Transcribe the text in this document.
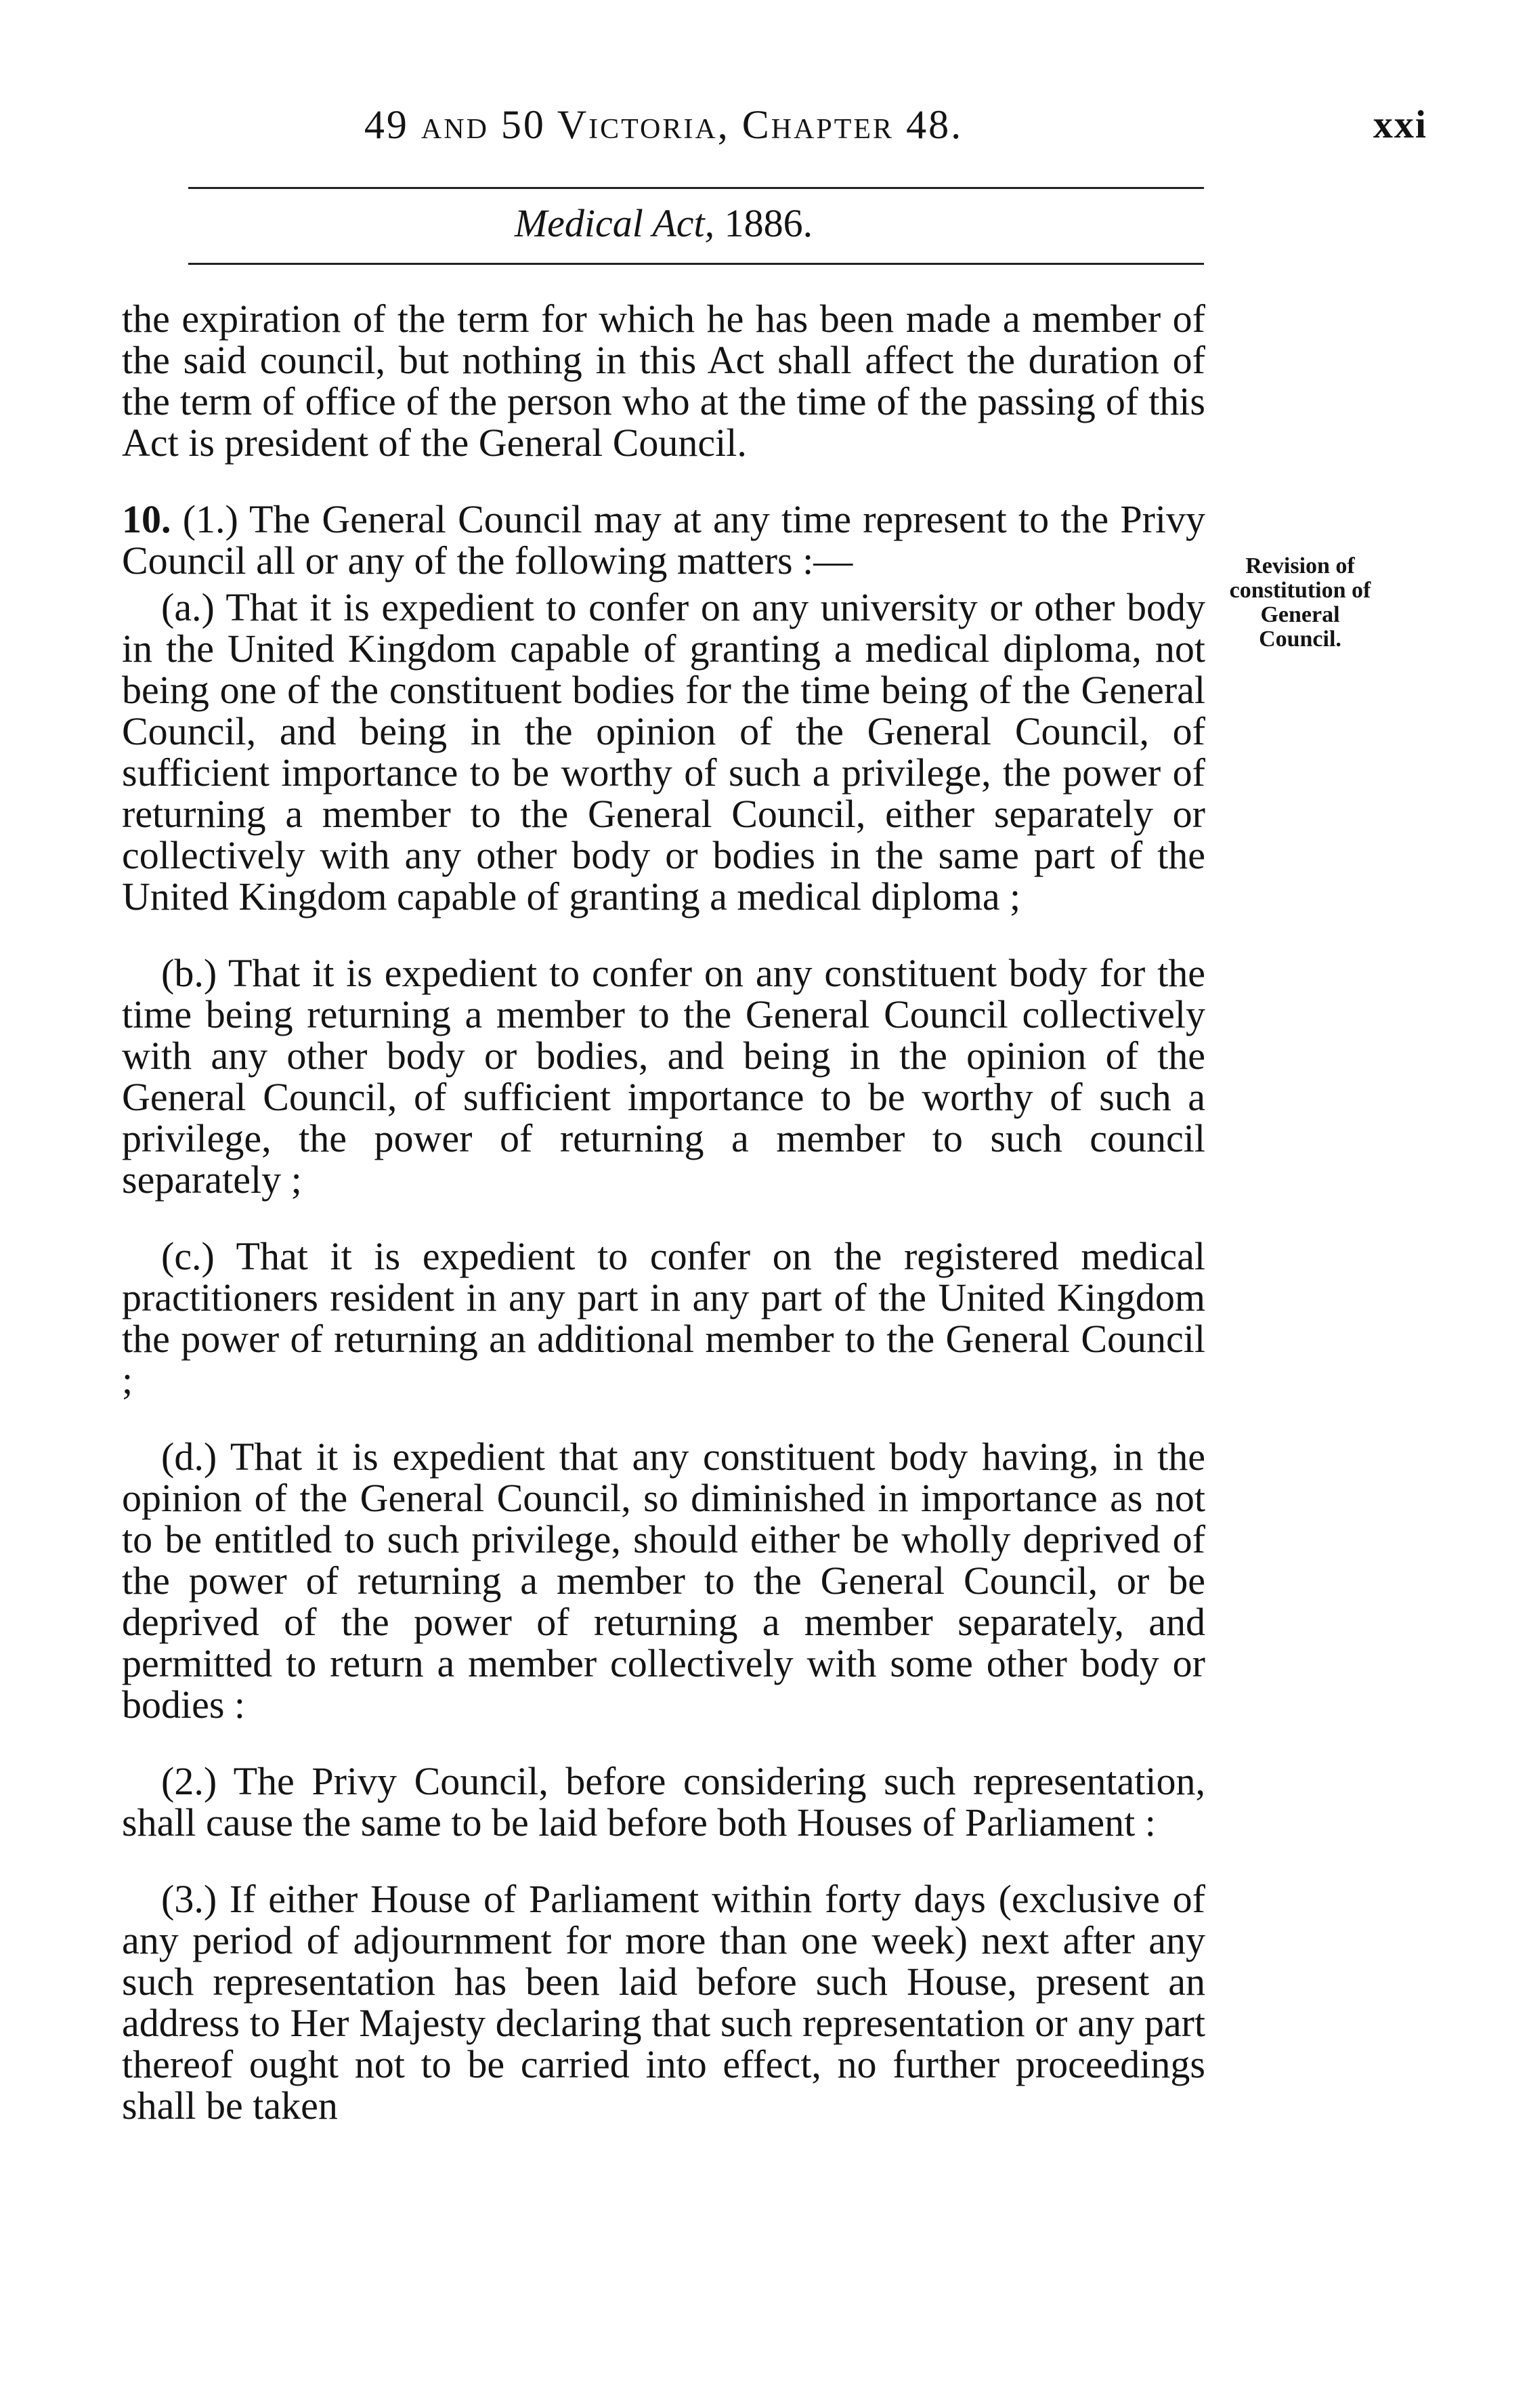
49 and 50 Victoria, Chapter 48.	xxi
Medical Act, 1886.

the expiration of the term for which he has been made a member of the said council, but nothing in this Act shall affect the duration of the term of office of the person who at the time of the passing of this Act is president of the General Council.

10. (1.) The General Council may at any time represent to the Privy Council all or any of the following matters :—

(a.) That it is expedient to confer on any university or other body in the United Kingdom capable of granting a medical diploma, not being one of the constituent bodies for the time being of the General Council, and being in the opinion of the General Council, of sufficient importance to be worthy of such a privilege, the power of returning a member to the General Council, either separately or collectively with any other body or bodies in the same part of the United Kingdom capable of granting a medical diploma ;

(b.) That it is expedient to confer on any constituent body for the time being returning a member to the General Council collectively with any other body or bodies, and being in the opinion of the General Council, of sufficient importance to be worthy of such a privilege, the power of returning a member to such council separately ;

(c.) That it is expedient to confer on the registered medical practitioners resident in any part in any part of the United Kingdom the power of returning an additional member to the General Council ;

(d.) That it is expedient that any constituent body having, in the opinion of the General Council, so diminished in importance as not to be entitled to such privilege, should either be wholly deprived of the power of returning a member to the General Council, or be deprived of the power of returning a member separately, and permitted to return a member collectively with some other body or bodies :

(2.) The Privy Council, before considering such representation, shall cause the same to be laid before both Houses of Parliament :

(3.) If either House of Parliament within forty days (exclusive of any period of adjournment for more than one week) next after any such representation has been laid before such House, present an address to Her Majesty declaring that such representation or any part thereof ought not to be carried into effect, no further proceedings shall be taken

Revision of constitution of General Council.
